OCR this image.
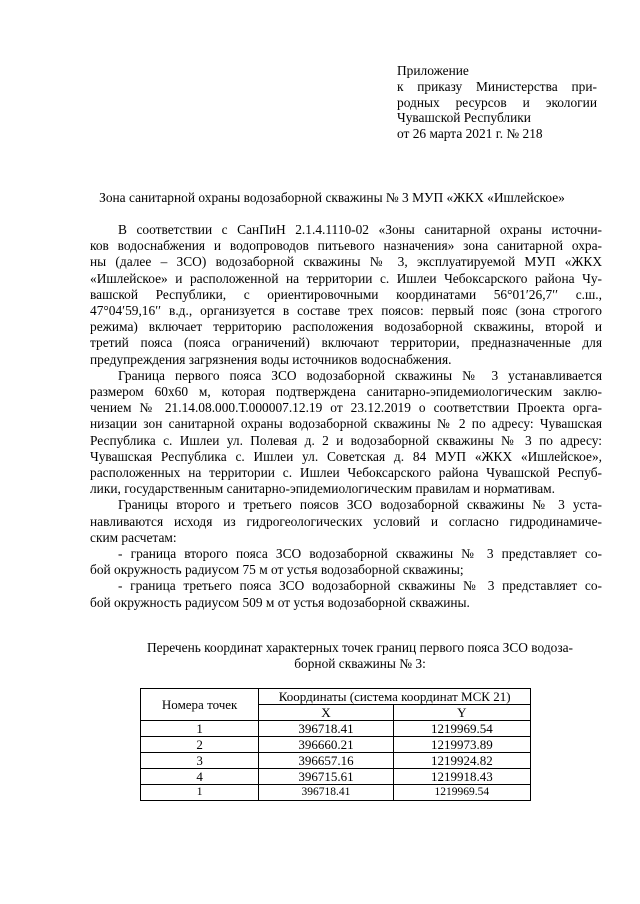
Приложение
к приказу Министерства при-
родных ресурсов и экологии
Чувашской Республики
от 26 марта 2021 г. № 218
Зона санитарной охраны водозаборной скважины № 3 МУП «ЖКХ «Ишлейское»
В соответствии с СанПиН 2.1.4.1110-02 «Зоны санитарной охраны источни-
ков водоснабжения и водопроводов питьевого назначения» зона санитарной охра-
ны (далее – ЗСО) водозаборной скважины № 3, эксплуатируемой МУП «ЖКХ
«Ишлейское» и расположенной на территории с. Ишлеи Чебоксарского района Чу-
вашской Республики, с ориентировочными координатами 56°01′26,7′′ с.ш.,
47°04′59,16′′ в.д., организуется в составе трех поясов: первый пояс (зона строгого
режима) включает территорию расположения водозаборной скважины, второй и
третий пояса (пояса ограничений) включают территории, предназначенные для
предупреждения загрязнения воды источников водоснабжения.
Граница первого пояса ЗСО водозаборной скважины № 3 устанавливается
размером 60х60 м, которая подтверждена санитарно-эпидемиологическим заклю-
чением № 21.14.08.000.Т.000007.12.19 от 23.12.2019 о соответствии Проекта орга-
низации зон санитарной охраны водозаборной скважины № 2 по адресу: Чувашская
Республика с. Ишлеи ул. Полевая д. 2 и водозаборной скважины № 3 по адресу:
Чувашская Республика с. Ишлеи ул. Советская д. 84 МУП «ЖКХ «Ишлейское»,
расположенных на территории с. Ишлеи Чебоксарского района Чувашской Респуб-
лики, государственным санитарно-эпидемиологическим правилам и нормативам.
Границы второго и третьего поясов ЗСО водозаборной скважины № 3 уста-
навливаются исходя из гидрогеологических условий и согласно гидродинамиче-
ским расчетам:
- граница второго пояса ЗСО водозаборной скважины № 3 представляет со-
бой окружность радиусом 75 м от устья водозаборной скважины;
- граница третьего пояса ЗСО водозаборной скважины № 3 представляет со-
бой окружность радиусом 509 м от устья водозаборной скважины.
Перечень координат характерных точек границ первого пояса ЗСО водоза-
борной скважины № 3:
Номера точек	Координаты (система координат МСК 21)	
	X	Y
1	396718.41	1219969.54
2	396660.21	1219973.89
3	396657.16	1219924.82
4	396715.61	1219918.43
1	396718.41	1219969.54
